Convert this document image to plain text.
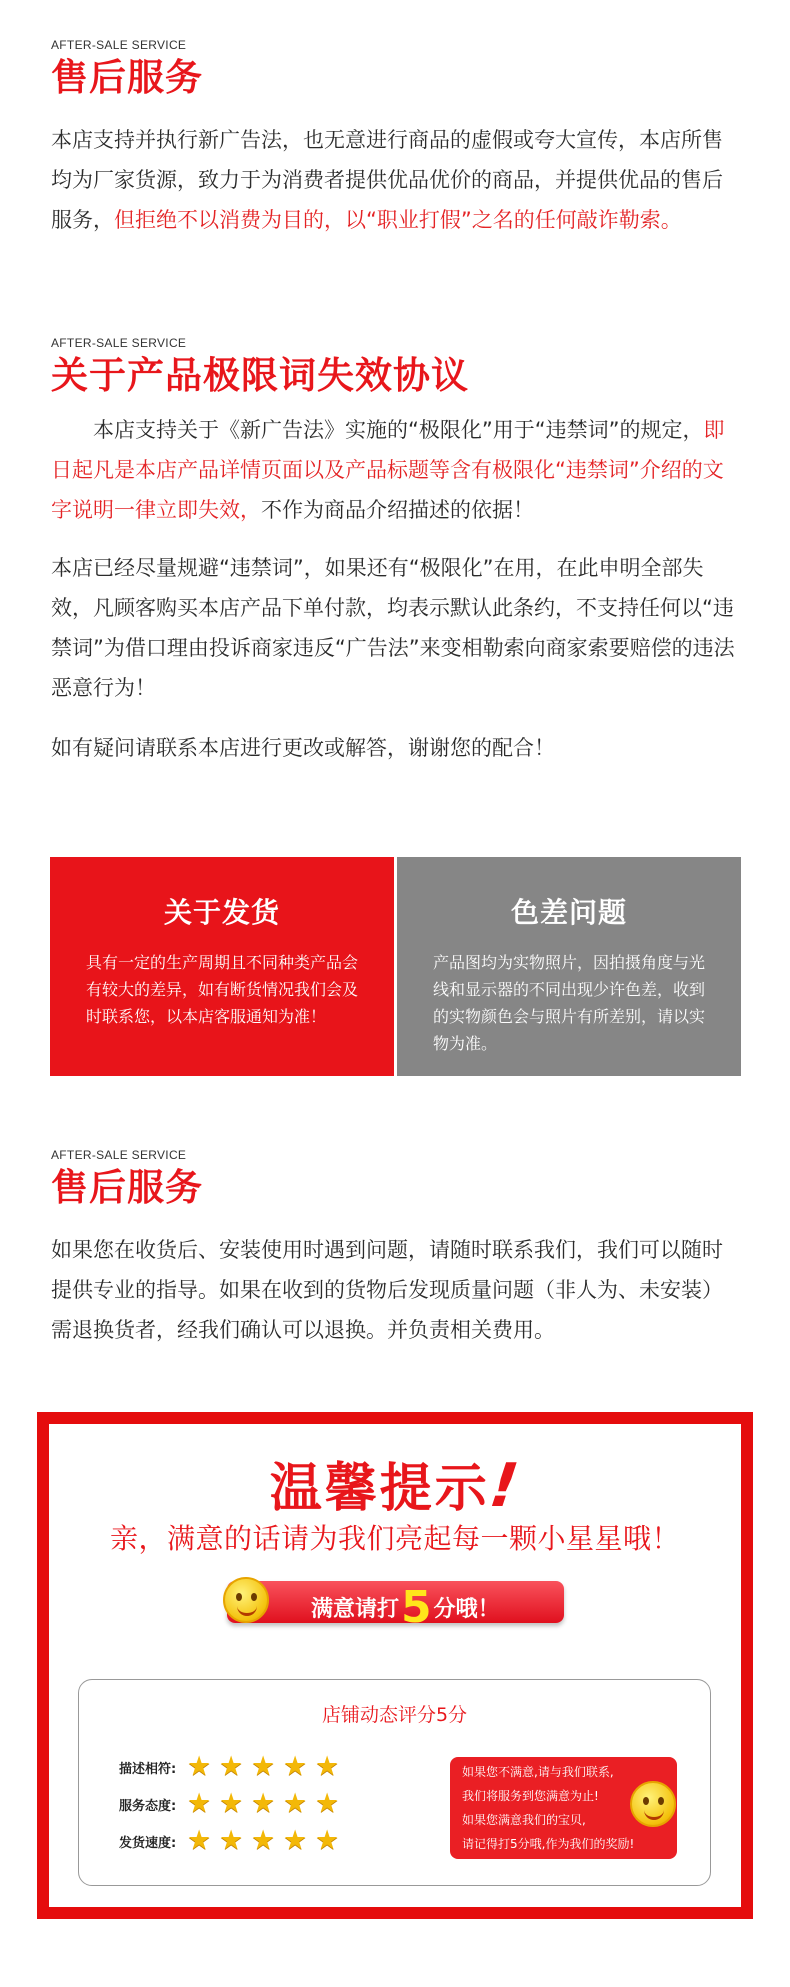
AFTER-SALE SERVICE
售后服务

本店支持并执行新广告法，也无意进行商品的虚假或夸大宣传，本店所售均为厂家货源，致力于为消费者提供优品优价的商品，并提供优品的售后服务，但拒绝不以消费为目的，以“职业打假”之名的任何敲诈勒索。

AFTER-SALE SERVICE
关于产品极限词失效协议

本店支持关于《新广告法》实施的“极限化”用于“违禁词”的规定，即日起凡是本店产品详情页面以及产品标题等含有极限化“违禁词”介绍的文字说明一律立即失效，不作为商品介绍描述的依据！

本店已经尽量规避“违禁词”，如果还有“极限化”在用，在此申明全部失效，凡顾客购买本店产品下单付款，均表示默认此条约，不支持任何以“违禁词”为借口理由投诉商家违反“广告法”来变相勒索向商家索要赔偿的违法恶意行为！

如有疑问请联系本店进行更改或解答，谢谢您的配合！

关于发货
具有一定的生产周期且不同种类产品会有较大的差异，如有断货情况我们会及时联系您，以本店客服通知为准！
色差问题
产品图均为实物照片，因拍摄角度与光线和显示器的不同出现少许色差，收到的实物颜色会与照片有所差别，请以实物为准。
AFTER-SALE SERVICE
售后服务

如果您在收货后、安装使用时遇到问题，请随时联系我们，我们可以随时提供专业的指导。如果在收到的货物后发现质量问题（非人为、未安装）需退换货者，经我们确认可以退换。并负责相关费用。

温馨提示!
亲，满意的话请为我们亮起每一颗小星星哦！
满意请打5分哦！
店铺动态评分5分
描述相符: ★ ★ ★ ★ ★
服务态度: ★ ★ ★ ★ ★
发货速度: ★ ★ ★ ★ ★
如果您不满意,请与我们联系,
我们将服务到您满意为止!
如果您满意我们的宝贝,
请记得打5分哦,作为我们的奖励!
